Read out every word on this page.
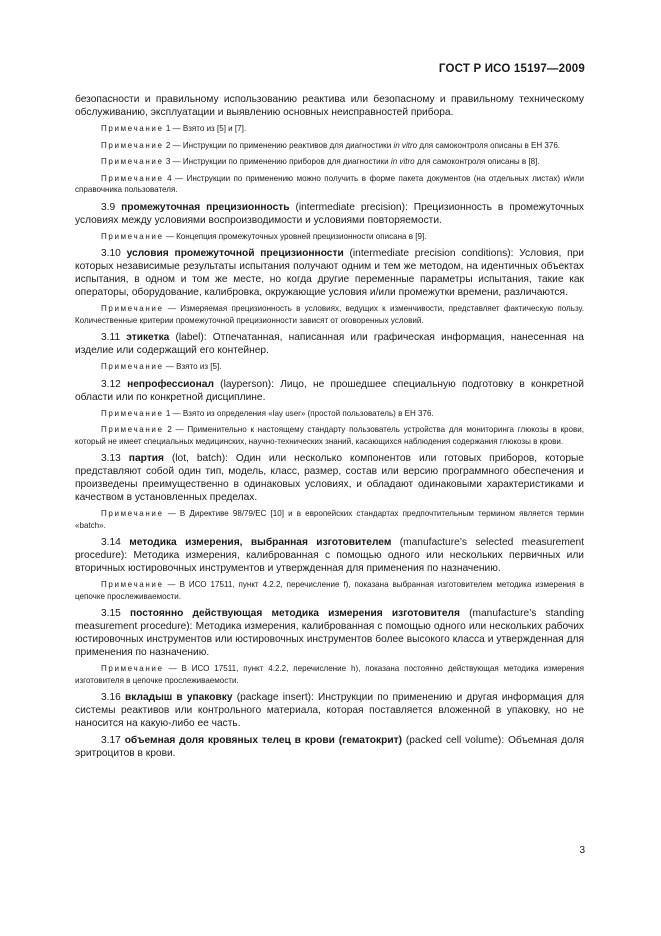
ГОСТ Р ИСО 15197—2009

безопасности и правильному использованию реактива или безопасному и правильному техническому обслуживанию, эксплуатации и выявлению основных неисправностей прибора.

Примечание 1 — Взято из [5] и [7].

Примечание 2 — Инструкции по применению реактивов для диагностики in vitro для самоконтроля описаны в ЕН 376.

Примечание 3 — Инструкции по применению приборов для диагностики in vitro для самоконтроля описаны в [8].

Примечание 4 — Инструкции по применению можно получить в форме пакета документов (на отдельных листах) и/или справочника пользователя.

3.9 промежуточная прецизионность (intermediate precision): Прецизионность в промежуточных условиях между условиями воспроизводимости и условиями повторяемости.

Примечание — Концепция промежуточных уровней прецизионности описана в [9].

3.10 условия промежуточной прецизионности (intermediate precision conditions): Условия, при которых независимые результаты испытания получают одним и тем же методом, на идентичных объектах испытания, в одном и том же месте, но когда другие переменные параметры испытания, такие как операторы, оборудование, калибровка, окружающие условия и/или промежутки времени, различаются.

Примечание — Измеряемая прецизионность в условиях, ведущих к изменчивости, представляет фактическую пользу. Количественные критерии промежуточной прецизионности зависят от оговоренных условий.

3.11 этикетка (label): Отпечатанная, написанная или графическая информация, нанесенная на изделие или содержащий его контейнер.

Примечание — Взято из [5].

3.12 непрофессионал (layperson): Лицо, не прошедшее специальную подготовку в конкретной области или по конкретной дисциплине.

Примечание 1 — Взято из определения «lay user» (простой пользователь) в ЕН 376.

Примечание 2 — Применительно к настоящему стандарту пользователь устройства для мониторинга глюкозы в крови, который не имеет специальных медицинских, научно-технических знаний, касающихся наблюдения содержания глюкозы в крови.

3.13 партия (lot, batch): Один или несколько компонентов или готовых приборов, которые представляют собой один тип, модель, класс, размер, состав или версию программного обеспечения и произведены преимущественно в одинаковых условиях, и обладают одинаковыми характеристиками и качеством в установленных пределах.

Примечание — В Директиве 98/79/ЕС [10] и в европейских стандартах предпочтительным термином является термин «batch».

3.14 методика измерения, выбранная изготовителем (manufacture’s selected measurement procedure): Методика измерения, калиброванная с помощью одного или нескольких первичных или вторичных юстировочных инструментов и утвержденная для применения по назначению.

Примечание — В ИСО 17511, пункт 4.2.2, перечисление f), показана выбранная изготовителем методика измерения в цепочке прослеживаемости.

3.15 постоянно действующая методика измерения изготовителя (manufacture’s standing measurement procedure): Методика измерения, калиброванная с помощью одного или нескольких рабочих юстировочных инструментов или юстировочных инструментов более высокого класса и утвержденная для применения по назначению.

Примечание — В ИСО 17511, пункт 4.2.2, перечисление h), показана постоянно действующая методика измерения изготовителя в цепочке прослеживаемости.

3.16 вкладыш в упаковку (package insert): Инструкции по применению и другая информация для системы реактивов или контрольного материала, которая поставляется вложенной в упаковку, но не наносится на какую-либо ее часть.

3.17 объемная доля кровяных телец в крови (гематокрит) (packed cell volume): Объемная доля эритроцитов в крови.

3
